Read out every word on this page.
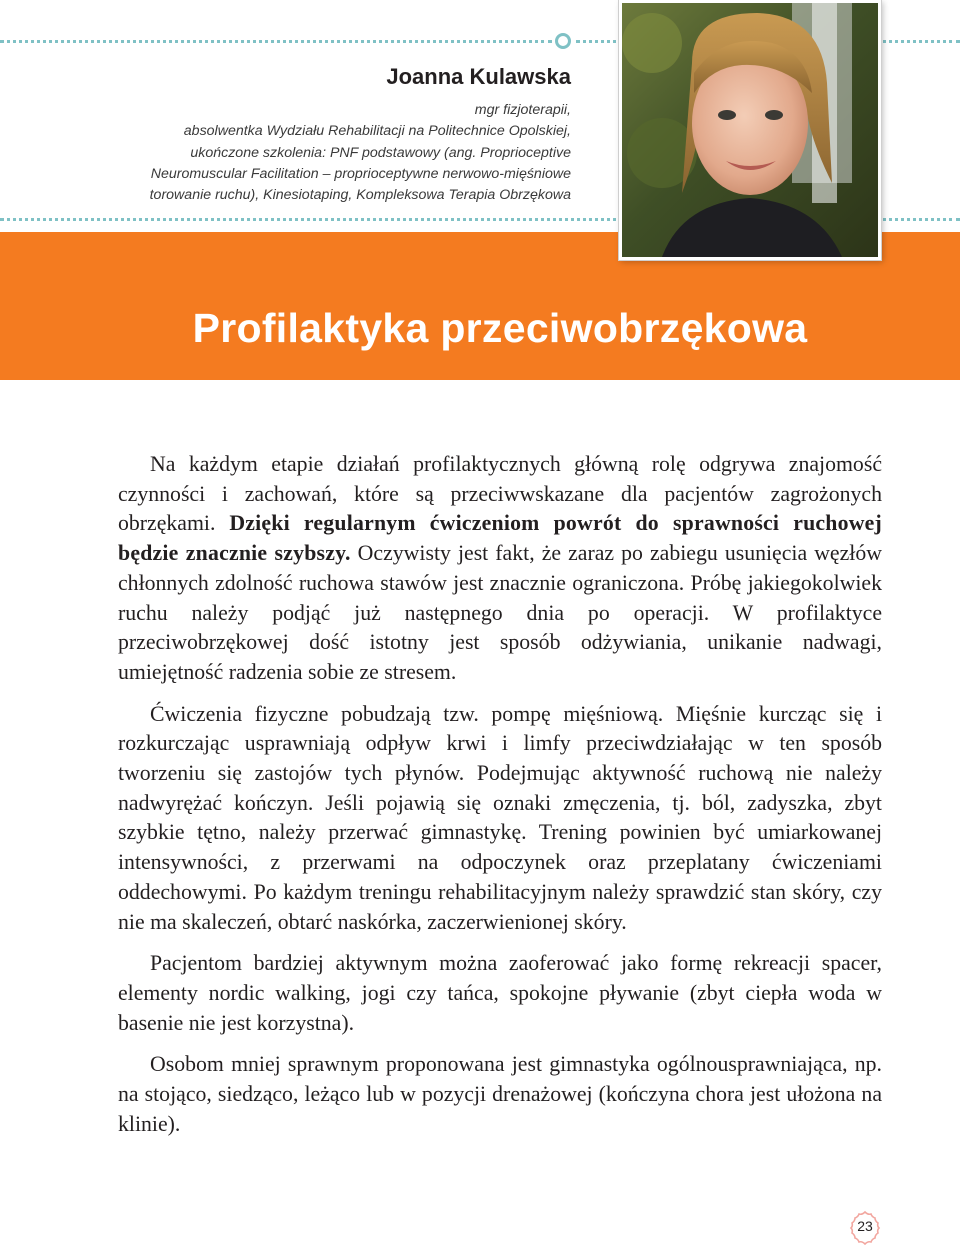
Joanna Kulawska
mgr fizjoterapii,
absolwentka Wydziału Rehabilitacji na Politechnice Opolskiej,
ukończone szkolenia: PNF podstawowy (ang. Proprioceptive
Neuromuscular Facilitation – proprioceptywne nerwowo-mięśniowe
torowanie ruchu), Kinesiotaping, Kompleksowa Terapia Obrzękowa
Profilaktyka przeciwobrzękowa

Na każdym etapie działań profilaktycznych główną rolę odgrywa znajomość czynności i zachowań, które są przeciwwskazane dla pacjentów zagrożonych obrzękami. Dzięki regularnym ćwiczeniom powrót do sprawności ruchowej będzie znacznie szybszy. Oczywisty jest fakt, że zaraz po zabiegu usunięcia węzłów chłonnych zdolność ruchowa stawów jest znacznie ograniczona. Próbę jakiegokolwiek ruchu należy podjąć już następnego dnia po operacji. W profilaktyce przeciwobrzękowej dość istotny jest sposób odżywiania, unikanie nadwagi, umiejętność radzenia sobie ze stresem.

Ćwiczenia fizyczne pobudzają tzw. pompę mięśniową. Mięśnie kurcząc się i rozkurczając usprawniają odpływ krwi i limfy przeciwdziałając w ten sposób tworzeniu się zastojów tych płynów. Podejmując aktywność ruchową nie należy nadwyrężać kończyn. Jeśli pojawią się oznaki zmęczenia, tj. ból, zadyszka, zbyt szybkie tętno, należy przerwać gimnastykę. Trening powinien być umiarkowanej intensywności, z przerwami na odpoczynek oraz przeplatany ćwiczeniami oddechowymi. Po każdym treningu rehabilitacyjnym należy sprawdzić stan skóry, czy nie ma skaleczeń, obtarć naskórka, zaczerwienionej skóry.

Pacjentom bardziej aktywnym można zaoferować jako formę rekreacji spacer, elementy nordic walking, jogi czy tańca, spokojne pływanie (zbyt ciepła woda w basenie nie jest korzystna).

Osobom mniej sprawnym proponowana jest gimnastyka ogólnousprawniająca, np. na stojąco, siedząco, leżąco lub w pozycji drenażowej (kończyna chora jest ułożona na klinie).

23
